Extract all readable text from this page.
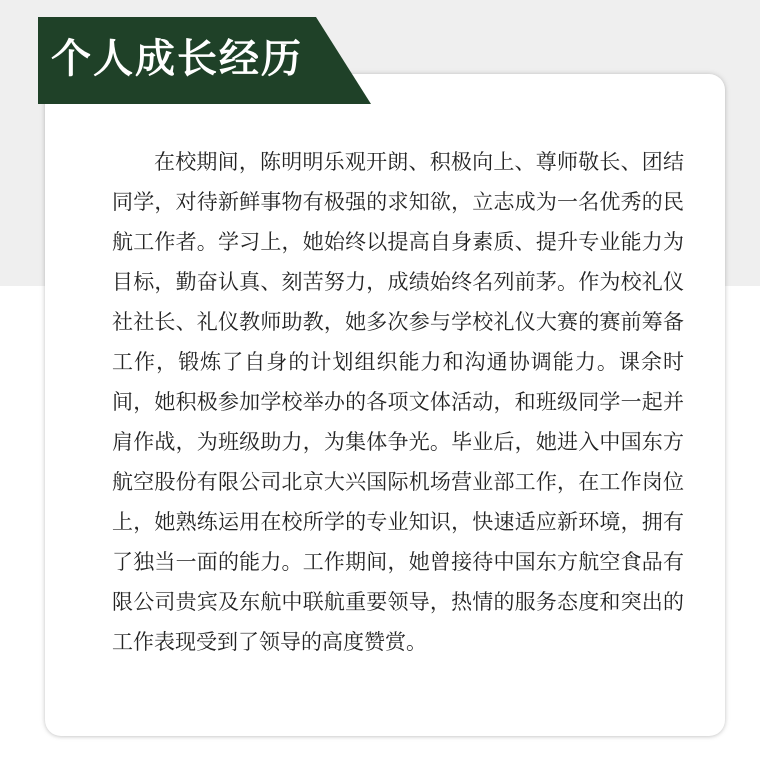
个人成长经历

在校期间，陈明明乐观开朗、积极向上、尊师敬长、团结同学，对待新鲜事物有极强的求知欲，立志成为一名优秀的民航工作者。学习上，她始终以提高自身素质、提升专业能力为目标，勤奋认真、刻苦努力，成绩始终名列前茅。作为校礼仪社社长、礼仪教师助教，她多次参与学校礼仪大赛的赛前筹备工作，锻炼了自身的计划组织能力和沟通协调能力。课余时间，她积极参加学校举办的各项文体活动，和班级同学一起并肩作战，为班级助力，为集体争光。毕业后，她进入中国东方航空股份有限公司北京大兴国际机场营业部工作，在工作岗位上，她熟练运用在校所学的专业知识，快速适应新环境，拥有了独当一面的能力。工作期间，她曾接待中国东方航空食品有限公司贵宾及东航中联航重要领导，热情的服务态度和突出的工作表现受到了领导的高度赞赏。
